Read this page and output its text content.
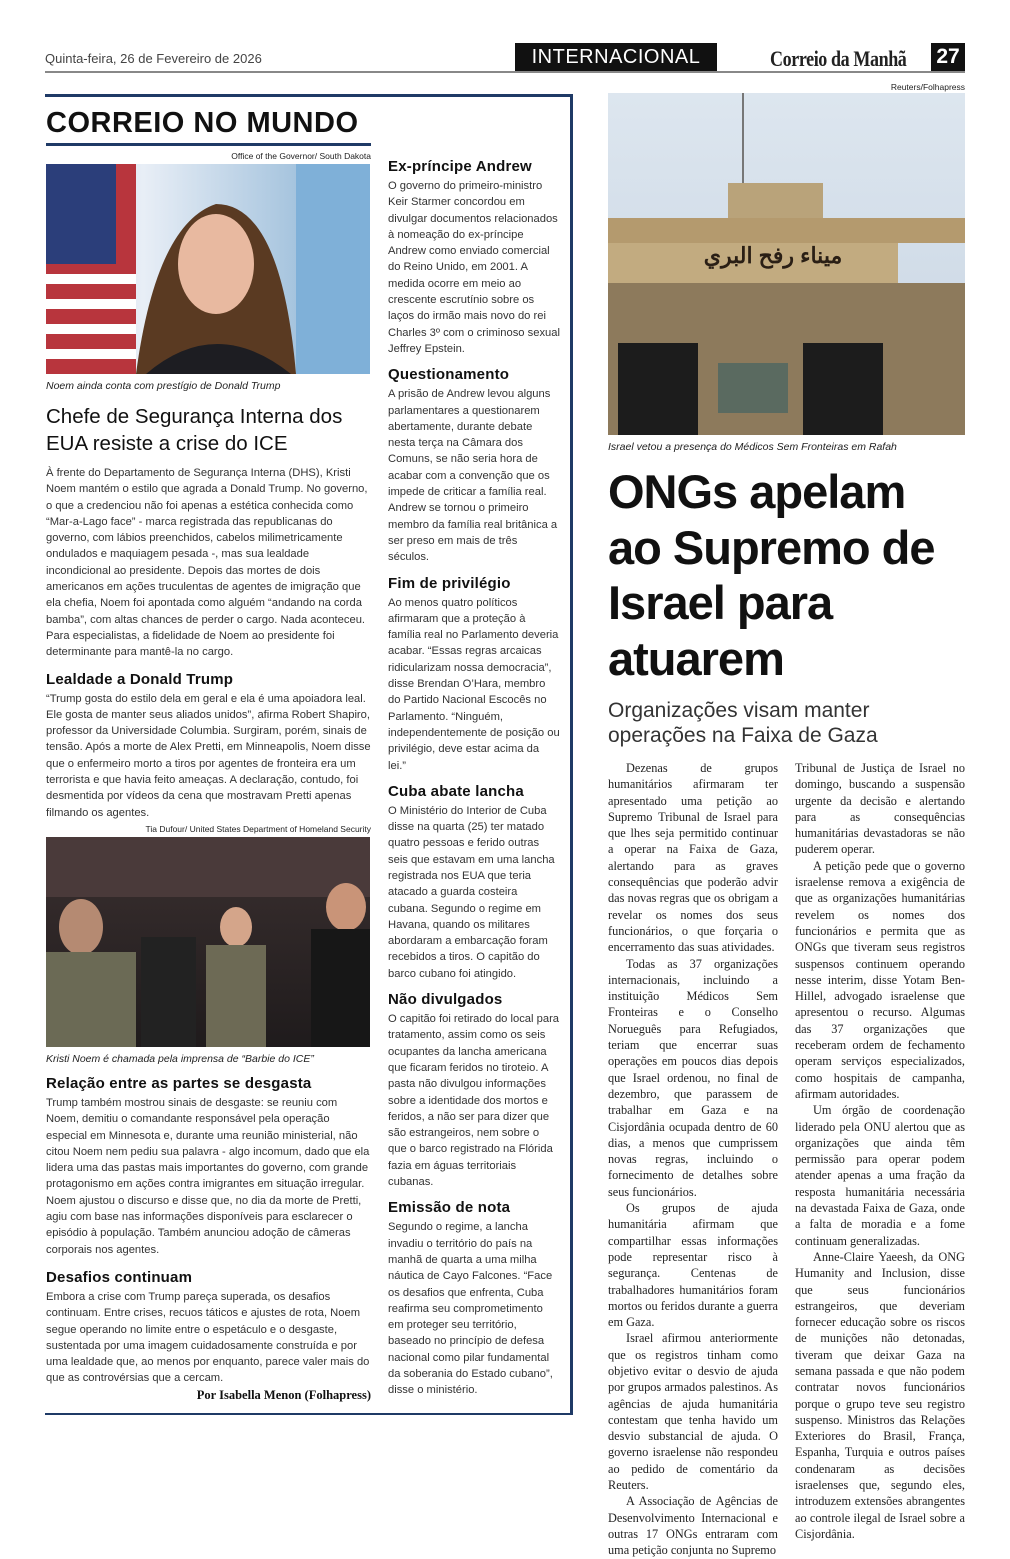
Quinta-feira, 26 de Fevereiro de 2026	INTERNACIONAL	Correio da Manhã 27
CORREIO NO MUNDO
Office of the Governor/ South Dakota
Noem ainda conta com prestígio de Donald Trump
Chefe de Segurança Interna dos EUA resiste a crise do ICE

À frente do Departamento de Segurança Interna (DHS), Kristi Noem mantém o estilo que agrada a Donald Trump. No governo, o que a credenciou não foi apenas a estética conhecida como “Mar-a-Lago face” - marca registrada das republicanas do governo, com lábios preenchidos, cabelos milimetricamente ondulados e maquiagem pesada -, mas sua lealdade incondicional ao presidente. Depois das mortes de dois americanos em ações truculentas de agentes de imigração que ela chefia, Noem foi apontada como alguém “andando na corda bamba”, com altas chances de perder o cargo. Nada aconteceu. Para especialistas, a fidelidade de Noem ao presidente foi determinante para mantê-la no cargo.

Lealdade a Donald Trump

“Trump gosta do estilo dela em geral e ela é uma apoiadora leal. Ele gosta de manter seus aliados unidos”, afirma Robert Shapiro, professor da Universidade Columbia. Surgiram, porém, sinais de tensão. Após a morte de Alex Pretti, em Minneapolis, Noem disse que o enfermeiro morto a tiros por agentes de fronteira era um terrorista e que havia feito ameaças. A declaração, contudo, foi desmentida por vídeos da cena que mostravam Pretti apenas filmando os agentes.

Tia Dufour/ United States Department of Homeland Security
Kristi Noem é chamada pela imprensa de “Barbie do ICE”
Relação entre as partes se desgasta

Trump também mostrou sinais de desgaste: se reuniu com Noem, demitiu o comandante responsável pela operação especial em Minnesota e, durante uma reunião ministerial, não citou Noem nem pediu sua palavra - algo incomum, dado que ela lidera uma das pastas mais importantes do governo, com grande protagonismo em ações contra imigrantes em situação irregular. Noem ajustou o discurso e disse que, no dia da morte de Pretti, agiu com base nas informações disponíveis para esclarecer o episódio à população. Também anunciou adoção de câmeras corporais nos agentes.

Desafios continuam

Embora a crise com Trump pareça superada, os desafios continuam. Entre crises, recuos táticos e ajustes de rota, Noem segue operando no limite entre o espetáculo e o desgaste, sustentada por uma imagem cuidadosamente construída e por uma lealdade que, ao menos por enquanto, parece valer mais do que as controvérsias que a cercam.

Por Isabella Menon (Folhapress)
Ex-príncipe Andrew

O governo do primeiro-ministro Keir Starmer concordou em divulgar documentos relacionados à nomeação do ex-príncipe Andrew como enviado comercial do Reino Unido, em 2001. A medida ocorre em meio ao crescente escrutínio sobre os laços do irmão mais novo do rei Charles 3º com o criminoso sexual Jeffrey Epstein.

Questionamento

A prisão de Andrew levou alguns parlamentares a questionarem abertamente, durante debate nesta terça na Câmara dos Comuns, se não seria hora de acabar com a convenção que os impede de criticar a família real. Andrew se tornou o primeiro membro da família real britânica a ser preso em mais de três séculos.

Fim de privilégio

Ao menos quatro políticos afirmaram que a proteção à família real no Parlamento deveria acabar. “Essas regras arcaicas ridicularizam nossa democracia”, disse Brendan O’Hara, membro do Partido Nacional Escocês no Parlamento. “Ninguém, independentemente de posição ou privilégio, deve estar acima da lei.”

Cuba abate lancha

O Ministério do Interior de Cuba disse na quarta (25) ter matado quatro pessoas e ferido outras seis que estavam em uma lancha registrada nos EUA que teria atacado a guarda costeira cubana. Segundo o regime em Havana, quando os militares abordaram a embarcação foram recebidos a tiros. O capitão do barco cubano foi atingido.

Não divulgados

O capitão foi retirado do local para tratamento, assim como os seis ocupantes da lancha americana que ficaram feridos no tiroteio. A pasta não divulgou informações sobre a identidade dos mortos e feridos, a não ser para dizer que são estrangeiros, nem sobre o que o barco registrado na Flórida fazia em águas territoriais cubanas.

Emissão de nota

Segundo o regime, a lancha invadiu o território do país na manhã de quarta a uma milha náutica de Cayo Falcones. “Face os desafios que enfrenta, Cuba reafirma seu comprometimento em proteger seu território, baseado no princípio de defesa nacional como pilar fundamental da soberania do Estado cubano”, disse o ministério.

Reuters/Folhapress
ميناء رفح البري
Israel vetou a presença do Médicos Sem Fronteiras em Rafah
ONGs apelam ao Supremo de Israel para atuarem
Organizações visam manter operações na Faixa de Gaza

Dezenas de grupos humanitários afirmaram ter apresentado uma petição ao Supremo Tribunal de Israel para que lhes seja permitido continuar a operar na Faixa de Gaza, alertando para as graves consequências que poderão advir das novas regras que os obrigam a revelar os nomes dos seus funcionários, o que forçaria o encerramento das suas atividades.

Todas as 37 organizações internacionais, incluindo a instituição Médicos Sem Fronteiras e o Conselho Norueguês para Refugiados, teriam que encerrar suas operações em poucos dias depois que Israel ordenou, no final de dezembro, que parassem de trabalhar em Gaza e na Cisjordânia ocupada dentro de 60 dias, a menos que cumprissem novas regras, incluindo o fornecimento de detalhes sobre seus funcionários.

Os grupos de ajuda humanitária afirmam que compartilhar essas informações pode representar risco à segurança. Centenas de trabalhadores humanitários foram mortos ou feridos durante a guerra em Gaza.

Israel afirmou anteriormente que os registros tinham como objetivo evitar o desvio de ajuda por grupos armados palestinos. As agências de ajuda humanitária contestam que tenha havido um desvio substancial de ajuda. O governo israelense não respondeu ao pedido de comentário da Reuters.

A Associação de Agências de Desenvolvimento Internacional e outras 17 ONGs entraram com uma petição conjunta no Supremo

Tribunal de Justiça de Israel no domingo, buscando a suspensão urgente da decisão e alertando para as consequências humanitárias devastadoras se não puderem operar.

A petição pede que o governo israelense remova a exigência de que as organizações humanitárias revelem os nomes dos funcionários e permita que as ONGs que tiveram seus registros suspensos continuem operando nesse interim, disse Yotam Ben-Hillel, advogado israelense que apresentou o recurso. Algumas das 37 organizações que receberam ordem de fechamento operam serviços especializados, como hospitais de campanha, afirmam autoridades.

Um órgão de coordenação liderado pela ONU alertou que as organizações que ainda têm permissão para operar podem atender apenas a uma fração da resposta humanitária necessária na devastada Faixa de Gaza, onde a falta de moradia e a fome continuam generalizadas.

Anne-Claire Yaeesh, da ONG Humanity and Inclusion, disse que seus funcionários estrangeiros, que deveriam fornecer educação sobre os riscos de munições não detonadas, tiveram que deixar Gaza na semana passada e que não podem contratar novos funcionários porque o grupo teve seu registro suspenso. Ministros das Relações Exteriores do Brasil, França, Espanha, Turquia e outros países condenaram as decisões israelenses que, segundo eles, introduzem extensões abrangentes ao controle ilegal de Israel sobre a Cisjordânia.
